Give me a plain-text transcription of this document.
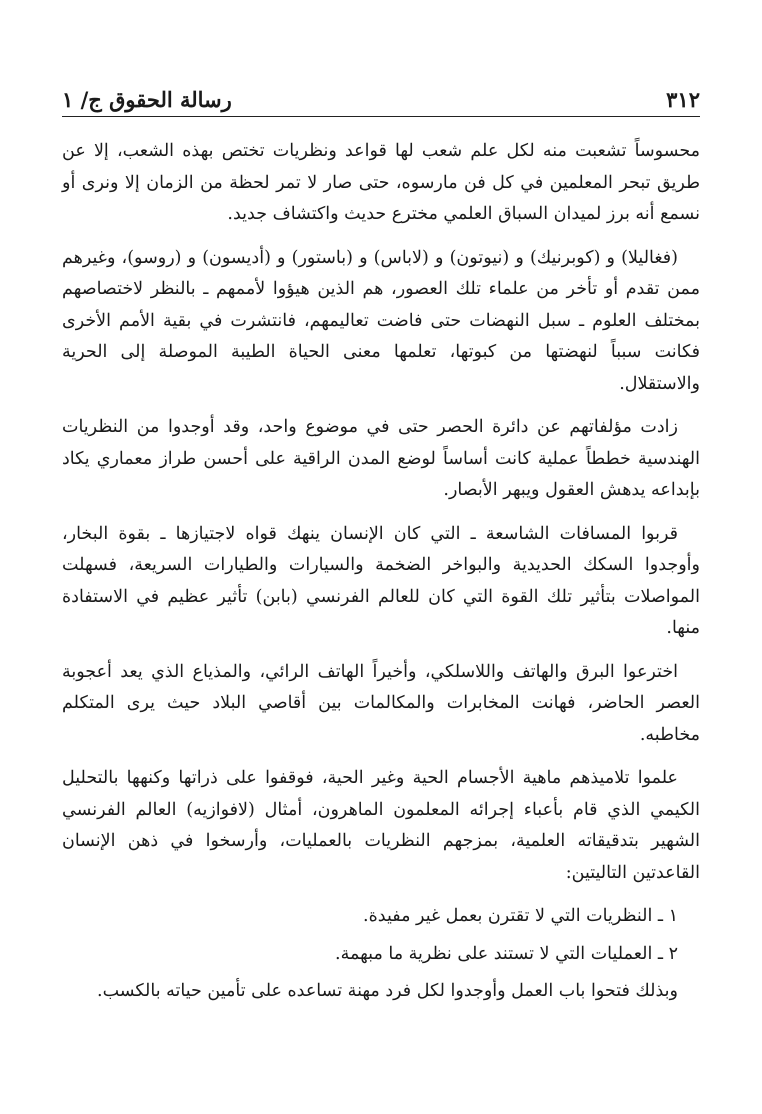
٣١٢
رسالة الحقوق ج/ ١

محسوساً تشعبت منه لكل علم شعب لها قواعد ونظريات تختص بهذه الشعب، إلا عن طريق تبحر المعلمين في كل فن مارسوه، حتى صار لا تمر لحظة من الزمان إلا ونرى أو نسمع أنه برز لميدان السباق العلمي مخترع حديث واكتشاف جديد.

(فغاليلا) و (كوبرنيك) و (نيوتون) و (لاباس) و (باستور) و (أديسون) و (روسو)، وغيرهم ممن تقدم أو تأخر من علماء تلك العصور، هم الذين هيؤوا لأممهم ـ بالنظر لاختصاصهم بمختلف العلوم ـ سبل النهضات حتى فاضت تعاليمهم، فانتشرت في بقية الأمم الأخرى فكانت سبباً لنهضتها من كبوتها، تعلمها معنى الحياة الطيبة الموصلة إلى الحرية والاستقلال.

زادت مؤلفاتهم عن دائرة الحصر حتى في موضوع واحد، وقد أوجدوا من النظريات الهندسية خططاً عملية كانت أساساً لوضع المدن الراقية على أحسن طراز معماري يكاد بإبداعه يدهش العقول ويبهر الأبصار.

قربوا المسافات الشاسعة ـ التي كان الإنسان ينهك قواه لاجتيازها ـ بقوة البخار، وأوجدوا السكك الحديدية والبواخر الضخمة والسيارات والطيارات السريعة، فسهلت المواصلات بتأثير تلك القوة التي كان للعالم الفرنسي (بابن) تأثير عظيم في الاستفادة منها.

اخترعوا البرق والهاتف واللاسلكي، وأخيراً الهاتف الرائي، والمذياع الذي يعد أعجوبة العصر الحاضر، فهانت المخابرات والمكالمات بين أقاصي البلاد حيث يرى المتكلم مخاطبه.

علموا تلاميذهم ماهية الأجسام الحية وغير الحية، فوقفوا على ذراتها وكنهها بالتحليل الكيمي الذي قام بأعباء إجرائه المعلمون الماهرون، أمثال (لافوازيه) العالم الفرنسي الشهير بتدقيقاته العلمية، بمزجهم النظريات بالعمليات، وأرسخوا في ذهن الإنسان القاعدتين التاليتين:

١ ـ النظريات التي لا تقترن بعمل غير مفيدة.

٢ ـ العمليات التي لا تستند على نظرية ما مبهمة.

وبذلك فتحوا باب العمل وأوجدوا لكل فرد مهنة تساعده على تأمين حياته بالكسب.
